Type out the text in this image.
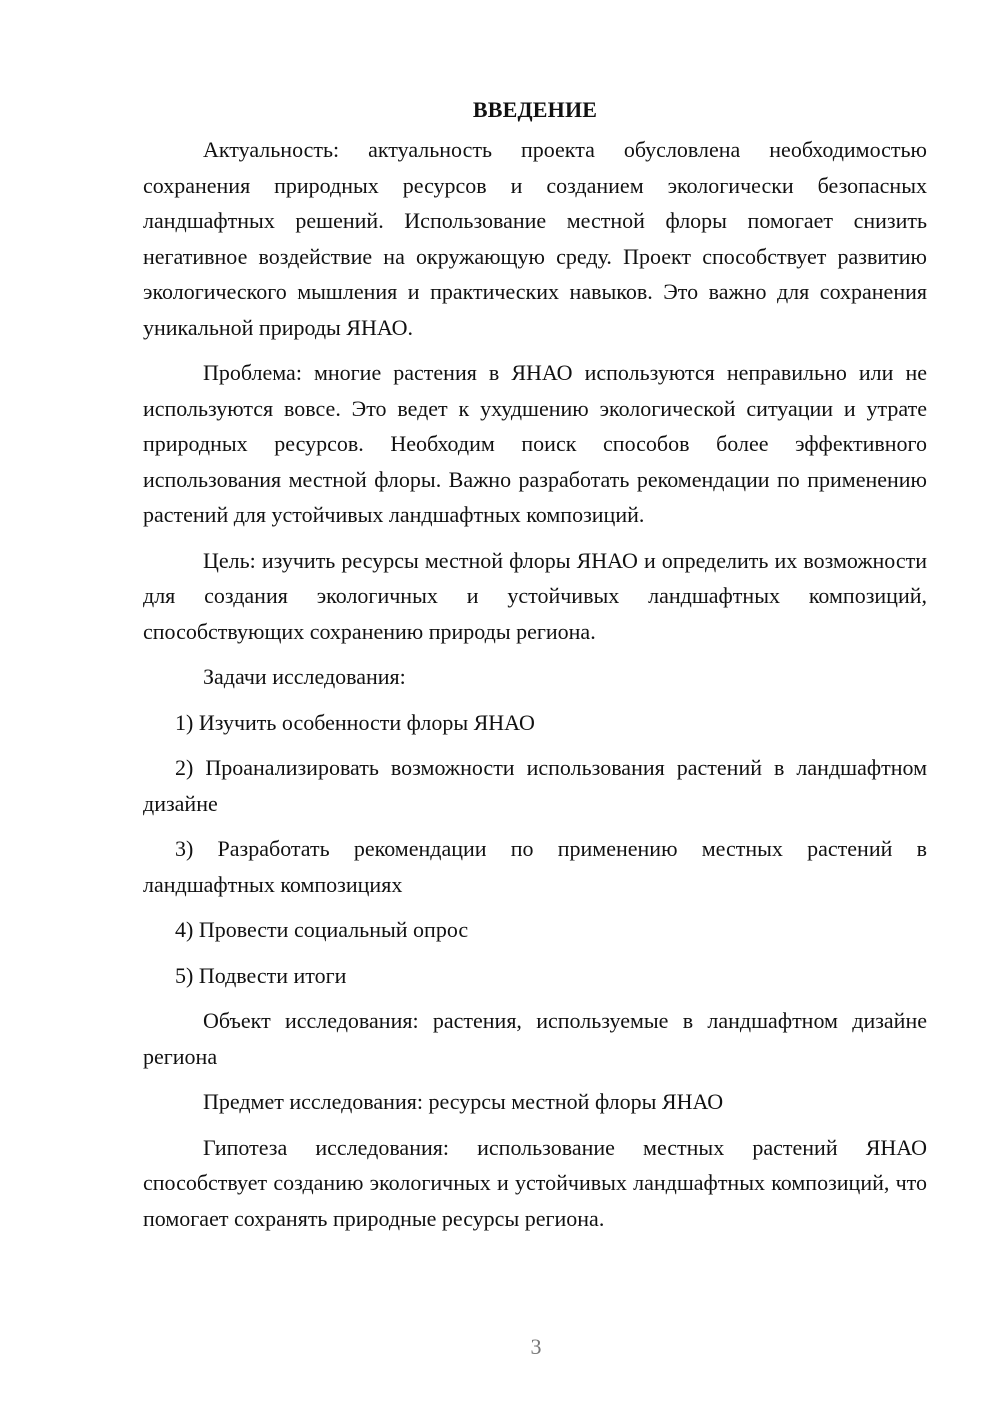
ВВЕДЕНИЕ

Актуальность: актуальность проекта обусловлена необходимостью сохранения природных ресурсов и созданием экологически безопасных ландшафтных решений. Использование местной флоры помогает снизить негативное воздействие на окружающую среду. Проект способствует развитию экологического мышления и практических навыков. Это важно для сохранения уникальной природы ЯНАО.

Проблема: многие растения в ЯНАО используются неправильно или не используются вовсе. Это ведет к ухудшению экологической ситуации и утрате природных ресурсов. Необходим поиск способов более эффективного использования местной флоры. Важно разработать рекомендации по применению растений для устойчивых ландшафтных композиций.

Цель: изучить ресурсы местной флоры ЯНАО и определить их возможности для создания экологичных и устойчивых ландшафтных композиций, способствующих сохранению природы региона.

Задачи исследования:

1) Изучить особенности флоры ЯНАО

2) Проанализировать возможности использования растений в ландшафтном дизайне

3) Разработать рекомендации по применению местных растений в ландшафтных композициях

4) Провести социальный опрос

5) Подвести итоги

Объект исследования: растения, используемые в ландшафтном дизайне региона

Предмет исследования: ресурсы местной флоры ЯНАО

Гипотеза исследования: использование местных растений ЯНАО способствует созданию экологичных и устойчивых ландшафтных композиций, что помогает сохранять природные ресурсы региона.

3
